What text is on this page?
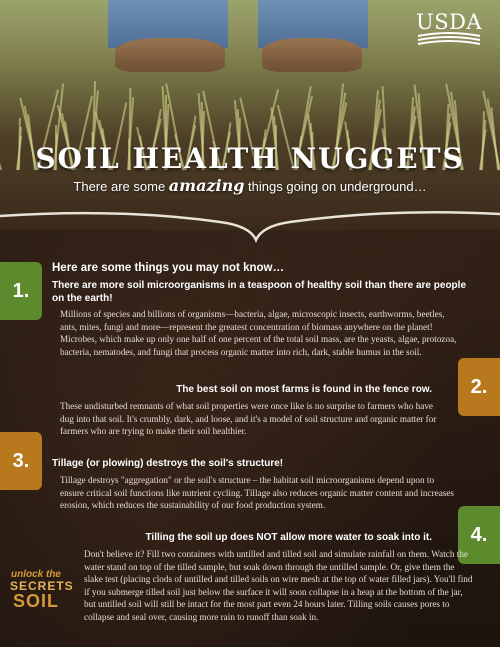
USDA
SOIL HEALTH NUGGETS
There are some amazing things going on underground…
Here are some things you may not know…
1.	There are more soil microorganisms in a teaspoon of healthy soil than there are people on the earth!
Millions of species and billions of organisms—bacteria, algae, microscopic insects, earthworms, beetles, ants, mites, fungi and more—represent the greatest concentration of biomass anywhere on the planet! Microbes, which make up only one half of one percent of the total soil mass, are the yeasts, algae, protozoa, bacteria, nematodes, and fungi that process organic matter into rich, dark, stable humus in the soil.
2.
The best soil on most farms is found in the fence row.
These undisturbed remnants of what soil properties were once like is no surprise to farmers who have dug into that soil. It's crumbly, dark, and loose, and it's a model of soil structure and organic matter for farmers who are trying to make their soil healthier.
3.	Tillage (or plowing) destroys the soil's structure!
Tillage destroys "aggregation" or the soil's structure – the habitat soil microorganisms depend upon to ensure critical soil functions like nutrient cycling. Tillage also reduces organic matter content and increases erosion, which reduces the sustainability of our food production system.
4.
Tilling the soil up does NOT allow more water to soak into it.
Don't believe it? Fill two containers with untilled and tilled soil and simulate rainfall on them. Watch the water stand on top of the tilled sample, but soak down through the untilled sample. Or, give them the slake test (placing clods of untilled and tilled soils on wire mesh at the top of water filled jars). You'll find if you submerge tilled soil just below the surface it will soon collapse in a heap at the bottom of the jar, but untilled soil will still be intact for the most part even 24 hours later. Tilling soils causes pores to collapse and seal over, causing more rain to runoff than soak in.
unlock the
SECRETS
SOIL
